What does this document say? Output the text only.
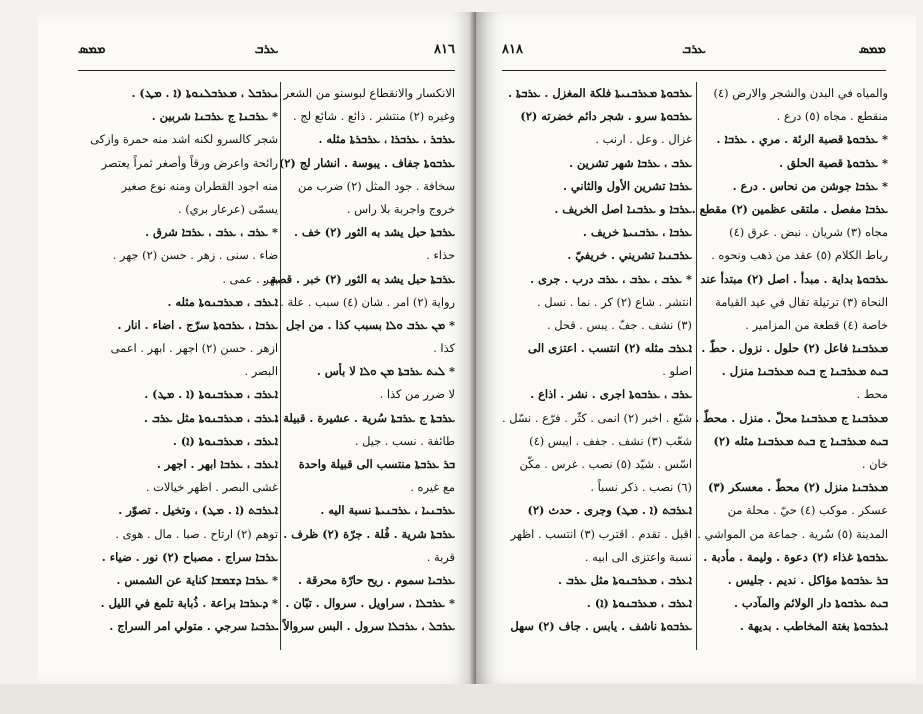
ܡܡܣ	ܥܪܒ	٨١٦
الانكسار والانقطاع لبوسنو من الشعر
وغيره (٢) منتشر . ذائع . شائع لج .
ܥܪܒܪ ، ܥܪܒܪܐ ، ܥܪܒܪܬܐ مثله .
ܥܪܒܘܬܐ جفاف . يبوسة . انشار لج (٢)
سخافة . جود المثل (٢) ضرب من
خروج واجربة بلا راس .
ܥܪܒܬܐ حبل يشد به الثور (٢) خف .
حذاء .
ܥܪܒܬܐ حبل يشد به الثور (٢) خبر . قصة .
رواية (٢) امر . شان (٤) سبب . علة .
* ܡܢ ܥܪܒ ܘܠܐ بسبب كذا . من اجل
كذا .
* ܠܝܬ ܥܪܒܬܐ ܡܢ ܘܠܐ لا بأس .
لا ضرر من كذا .
ܥܪܒܬܐ ج ܥܪܒܬܐ سُرية . عشيرة . قبيلة .
طائفة . نسب . جيل .
ܒܪ ܥܪܒܬܐ منتسب الى قبيلة واحدة
مع غيره .
ܥܪܒܢܝܐ ، ܥܪܒܢܝܬܐ نسبة اليه .
ܥܪܒܬܐ شرية . فُلة . جرّة (٢) ظرف .
قربة .
ܥܪܒܝܐ سموم . ريح حارّة محرقة .
* ܥܪܒܠܐ ، سراويل . سروال . تبّان .
ܥܪܒܠ ، ܥܪܒܠܐ سرول . البس سروالاً .
ܝܥܪܒܠ ، ܡܥܪܒܠܢܘܬܐ (ܐ . ܡܛ) .
* ܥܪܒܢܐ ج ܥܪܒܢܐ شربين .
شجر كالسرو لكنه اشد منه حمرة وازكى
رائحة واعرض ورقاً وأصغر ثمراً يعتصر
منه اجود القطران ومنه نوع صغير
يسمّى (عرعار بري) .
* ܥܪܒ ، ܥܪܒ ، ܥܪܒܐ شرق .
ضاء . سنى . زهر . حسن (٢) جهر .
بهر . عمى .
ܐܥܪܒ ، ܡܥܪܒܢܘܬܐ مثله .
ܥܪܒܐ ، ܥܪܒܘܬܐ سرّج . اضاء . انار .
ازهر . حسن (٢) اجهر . ابهر . اعمى
البصر .
ܐܥܪܒ ، ܡܥܪܒܢܘܬܐ (ܐ . ܡܛ) .
ܐܥܪܒ ، ܡܥܪܒܢܘܬܐ مثل ܥܪܒ .
ܐܥܪܒ ، ܡܥܪܒܢܘܬܐ (ܐ) .
ܐܥܪܒ ، ܥܪܒܐ ابهر . اجهر .
غشى البصر . اظهر خيالات .
ܐܥܪܒܬ (ܐ . ܡܛ) ، وتخيل . تصوّر .
توهم (٢) ارتاح . صبا . مال . هوى .
ܥܪܒܐ سراج . مصباح (٢) نور . ضياء .
* ܥܪܒܐ ܕܫܡܫܐ كناية عن الشمس .
* ܕܥܪܒܐ براعة . ذُبابة تلمع في الليل .
ܥܪܒܝܐ سرجي . متولي امر السراج .
٨١٨	ܥܪܒ	ܡܡܣ
والمياه في البدن والشجر والارض (٤)
منقطع . مجاه (٥) درع .
* ܥܪܒܘܬܐ قصبة الرئة . مري . ܥܪܒܐ .
* ܥܪܒܘܬܐ قصبة الحلق .
* ܥܪܒܐ جوشن من نحاس . درع .
ܥܪܒܐ مفصل . ملتقى عظمين (٢) مقطع .
مجاه (٣) شريان . نبض . عرق (٤)
رباط الكلام (٥) عقد من ذهب ونحوه .
ܥܪܒܘܬܐ بداية . مبدأ . اصل (٢) مبتدأ عند
النحاة (٣) ترتيلة تقال في عيد القيامة
خاصة (٤) قطعة من المزامير .
ܡܥܪܒܢܐ فاعل (٢) حلول . نزول . حطّ .
ܒܝܬ ܡܥܪܒܢܐ ج ܒܝܬ ܡܥܪܒܢܐ منزل .
محط .
ܡܥܪܒܢܐ ج ܡܥܪܒܢܐ محلّ . منزل . محطّ .
ܒܝܬ ܡܥܪܒܢܐ ج ܒܝܬ ܡܥܪܒܢܐ مثله (٢)
خان .
ܡܥܪܒܢܐ منزل (٢) محطّ . معسكر (٣)
عسكر . موكب (٤) حيّ . محلة من
المدينة (٥) سُرية . جماعة من المواشي .
ܥܪܒܘܬܐ غذاء (٢) دعوة . وليمة . مأدبة .
ܒܪ ܥܪܒܘܬܐ مؤاكل . نديم . جليس .
ܒܝܬ ܥܪܒܘܬܐ دار الولائم والمآدب .
ܐܥܪܒܘܬܐ بغتة المخاطب . بديهة .
ܥܪܒܘܬܐ ܡܥܪܒܢܝܬܐ فلكة المغزل . ܥܪܒܬܐ .
ܥܪܒܘܬܐ سرو . شجر دائم خضرته (٢)
غزال . وعل . ارنب .
ܥܪܒ ، ܥܪܒܐ شهر تشرين .
ܥܪܒܐ تشرين الأول والثاني .
ܥܪܒܐ و ܥܪܒܢܐ اصل الخريف .
ܥܪܒܐ ، ܥܪܒܢܝܬܐ خريف .
ܥܪܒܢܝܐ تشريني . خريفيّ .
* ܥܪܒ ، ܥܪܒ ، ܥܪܒ درب . جرى .
انتشر . شاع (٢) كر . نما . نسل .
(٣) نشف . جفّ . يبس . قحل .
ܐܥܪܒ مثله (٢) انتسب . اعتزى الى
اصلو .
ܥܪܒ ، ܥܪܒܘܬܐ اجرى . نشر . اذاع .
شيّع . اخبر (٢) انمى . كثّر . فرّع . نسّل .
شعّب (٣) نشف . جفف . ايبس (٤)
اسّس . شيّد (٥) نصب . غرس . مكّن
(٦) نصب . ذكر نسباً .
ܐܥܪܒܬ (ܐ . ܡܛ) وجرى . حدث (٢)
اقبل . تقدم . اقترب (٣) انتسب . اظهر
نسبة واعتزى الى ابيه .
ܐܥܪܒ ، ܡܥܪܒܢܘܬܐ مثل ܥܪܒ .
ܐܥܪܒ ، ܡܥܪܒܢܘܬܐ (ܐ) .
ܥܪܒܘܬܐ ناشف . يابس . جاف (٢) سهل
